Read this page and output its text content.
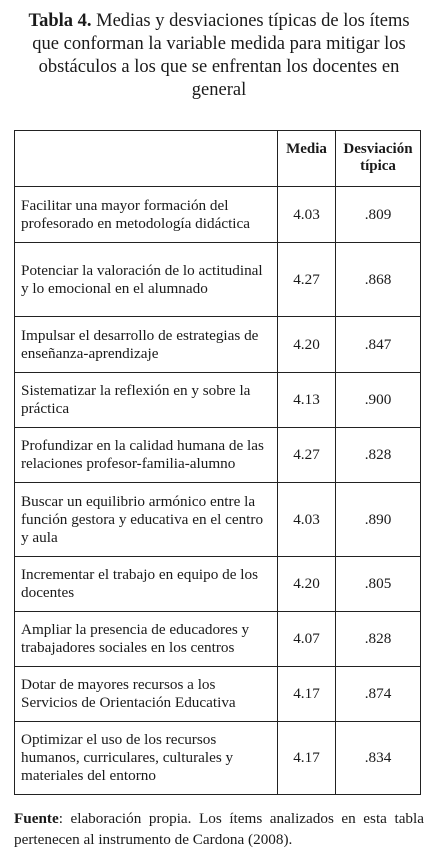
Tabla 4. Medias y desviaciones típicas de los ítems que conforman la variable medida para mitigar los obstáculos a los que se enfrentan los docentes en general
	Media	Desviación típica
Facilitar una mayor formación del profesorado en metodología didáctica	4.03	.809
Potenciar la valoración de lo actitudinal y lo emocional en el alumnado	4.27	.868
Impulsar el desarrollo de estrategias de enseñanza-aprendizaje	4.20	.847
Sistematizar la reflexión en y sobre la práctica	4.13	.900
Profundizar en la calidad humana de las relaciones profesor-familia-alumno	4.27	.828
Buscar un equilibrio armónico entre la función gestora y educativa en el centro y aula	4.03	.890
Incrementar el trabajo en equipo de los docentes	4.20	.805
Ampliar la presencia de educadores y trabajadores sociales en los centros	4.07	.828
Dotar de mayores recursos a los Servicios de Orientación Educativa	4.17	.874
Optimizar el uso de los recursos humanos, curriculares, culturales y materiales del entorno	4.17	.834
Fuente: elaboración propia. Los ítems analizados en esta tabla pertenecen al instrumento de Cardona (2008).
